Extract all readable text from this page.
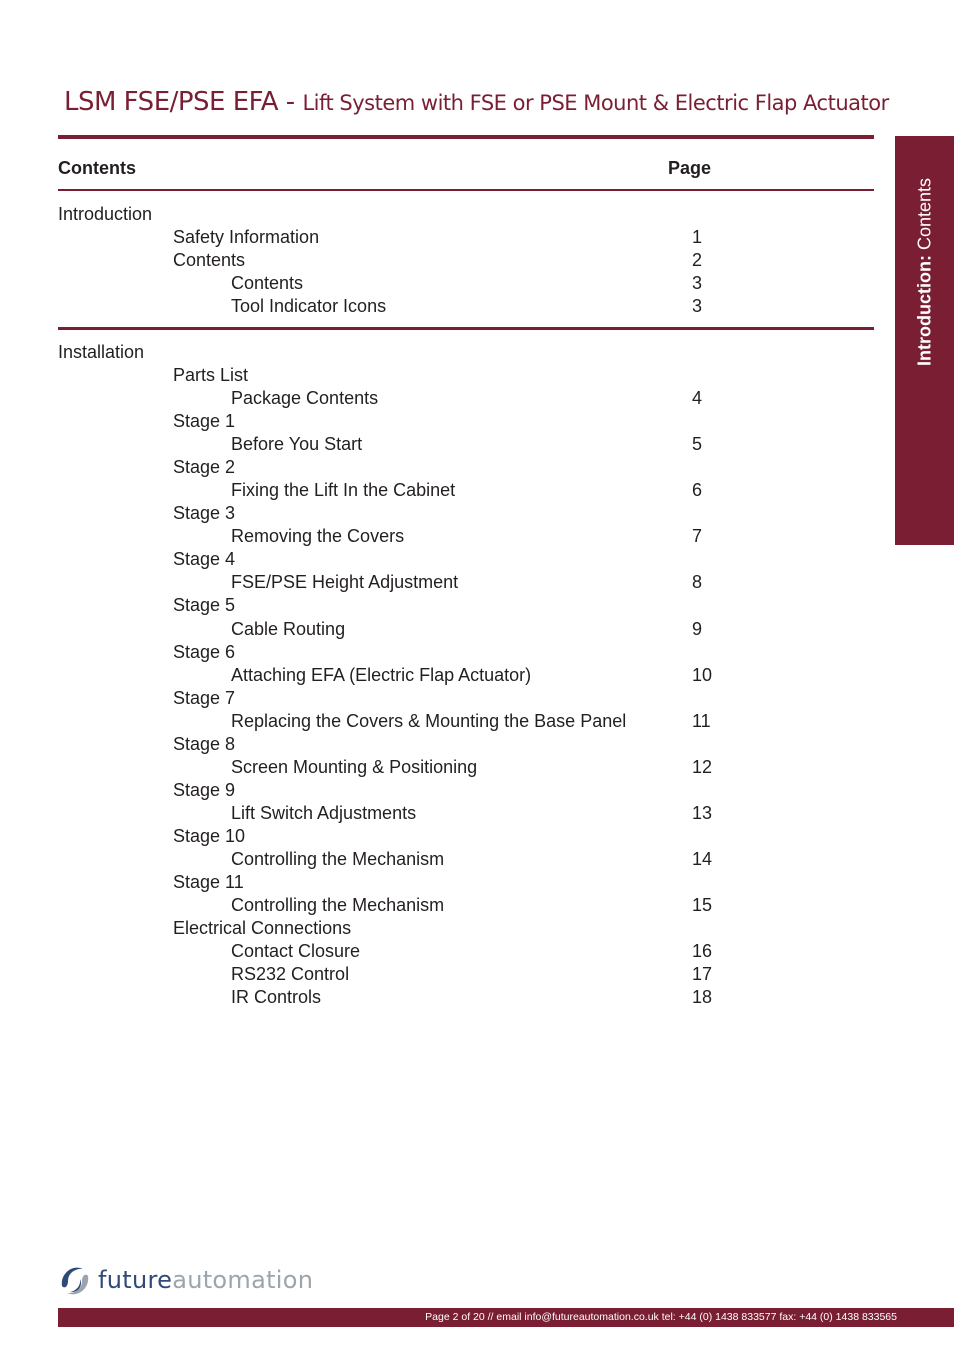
LSM FSE/PSE EFA - Lift System with FSE or PSE Mount & Electric Flap Actuator
Contents	Page
Introduction
Safety Information	1
Contents	2
Contents	3
Tool Indicator Icons	3
Installation
Parts List
Package Contents	4
Stage 1
Before You Start	5
Stage 2
Fixing the Lift In the Cabinet	6
Stage 3
Removing the Covers	7
Stage 4
FSE/PSE Height Adjustment	8
Stage 5
Cable Routing	9
Stage 6
Attaching EFA (Electric Flap Actuator)	10
Stage 7
Replacing the Covers & Mounting the Base Panel	11
Stage 8
Screen Mounting & Positioning	12
Stage 9
Lift Switch Adjustments	13
Stage 10
Controlling the Mechanism	14
Stage 11
Controlling the Mechanism	15
Electrical Connections
Contact Closure	16
RS232 Control	17
IR Controls	18
Introduction: Contents
futureautomation
Page 2 of 20 // email info@futureautomation.co.uk tel: +44 (0) 1438 833577 fax: +44 (0) 1438 833565
